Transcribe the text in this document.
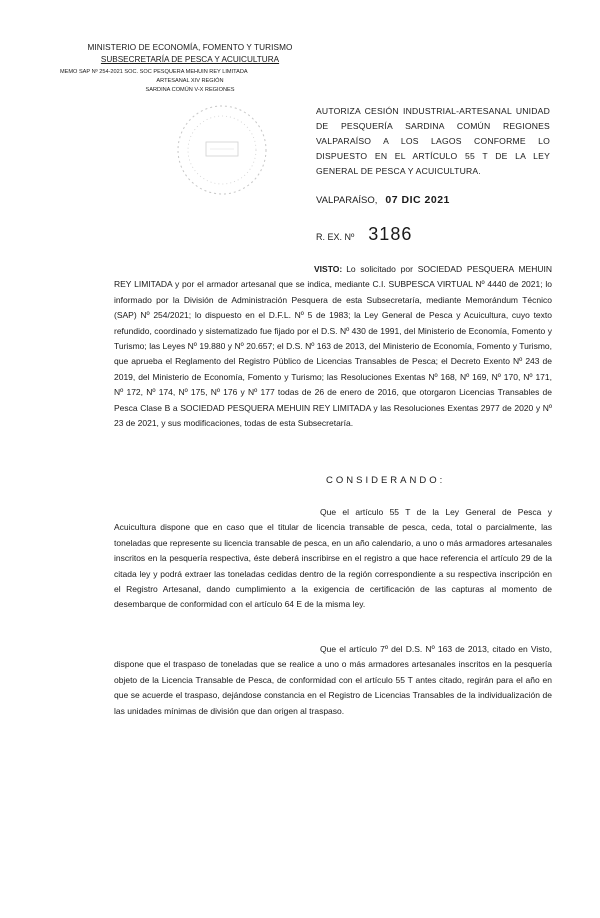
MINISTERIO DE ECONOMÍA, FOMENTO Y TURISMO
SUBSECRETARÍA DE PESCA Y ACUICULTURA
MEMO SAP Nº 254-2021 SOC. SOC PESQUERA MEHUIN REY LIMITADA
ARTESANAL XIV REGIÓN
SARDINA COMÚN V-X REGIONES
AUTORIZA CESIÓN INDUSTRIAL-ARTESANAL UNIDAD DE PESQUERÍA SARDINA COMÚN REGIONES VALPARAÍSO A LOS LAGOS CONFORME LO DISPUESTO EN EL ARTÍCULO 55 T DE LA LEY GENERAL DE PESCA Y ACUICULTURA.
VALPARAÍSO, 07 DIC 2021
R. EX. Nº 3186
VISTO: Lo solicitado por SOCIEDAD PESQUERA MEHUIN REY LIMITADA y por el armador artesanal que se indica, mediante C.I. SUBPESCA VIRTUAL Nº 4440 de 2021; lo informado por la División de Administración Pesquera de esta Subsecretaría, mediante Memorándum Técnico (SAP) Nº 254/2021; lo dispuesto en el D.F.L. Nº 5 de 1983; la Ley General de Pesca y Acuicultura, cuyo texto refundido, coordinado y sistematizado fue fijado por el D.S. Nº 430 de 1991, del Ministerio de Economía, Fomento y Turismo; las Leyes Nº 19.880 y Nº 20.657; el D.S. Nº 163 de 2013, del Ministerio de Economía, Fomento y Turismo, que aprueba el Reglamento del Registro Público de Licencias Transables de Pesca; el Decreto Exento Nº 243 de 2019, del Ministerio de Economía, Fomento y Turismo; las Resoluciones Exentas Nº 168, Nº 169, Nº 170, Nº 171, Nº 172, Nº 174, Nº 175, Nº 176 y Nº 177 todas de 26 de enero de 2016, que otorgaron Licencias Transables de Pesca Clase B a SOCIEDAD PESQUERA MEHUIN REY LIMITADA y las Resoluciones Exentas 2977 de 2020 y Nº 23 de 2021, y sus modificaciones, todas de esta Subsecretaría.
CONSIDERANDO:
Que el artículo 55 T de la Ley General de Pesca y Acuicultura dispone que en caso que el titular de licencia transable de pesca, ceda, total o parcialmente, las toneladas que represente su licencia transable de pesca, en un año calendario, a uno o más armadores artesanales inscritos en la pesquería respectiva, éste deberá inscribirse en el registro a que hace referencia el artículo 29 de la citada ley y podrá extraer las toneladas cedidas dentro de la región correspondiente a su respectiva inscripción en el Registro Artesanal, dando cumplimiento a la exigencia de certificación de las capturas al momento de desembarque de conformidad con el artículo 64 E de la misma ley.
Que el artículo 7º del D.S. Nº 163 de 2013, citado en Visto, dispone que el traspaso de toneladas que se realice a uno o más armadores artesanales inscritos en la pesquería objeto de la Licencia Transable de Pesca, de conformidad con el artículo 55 T antes citado, regirán para el año en que se acuerde el traspaso, dejándose constancia en el Registro de Licencias Transables de la individualización de las unidades mínimas de división que dan origen al traspaso.
